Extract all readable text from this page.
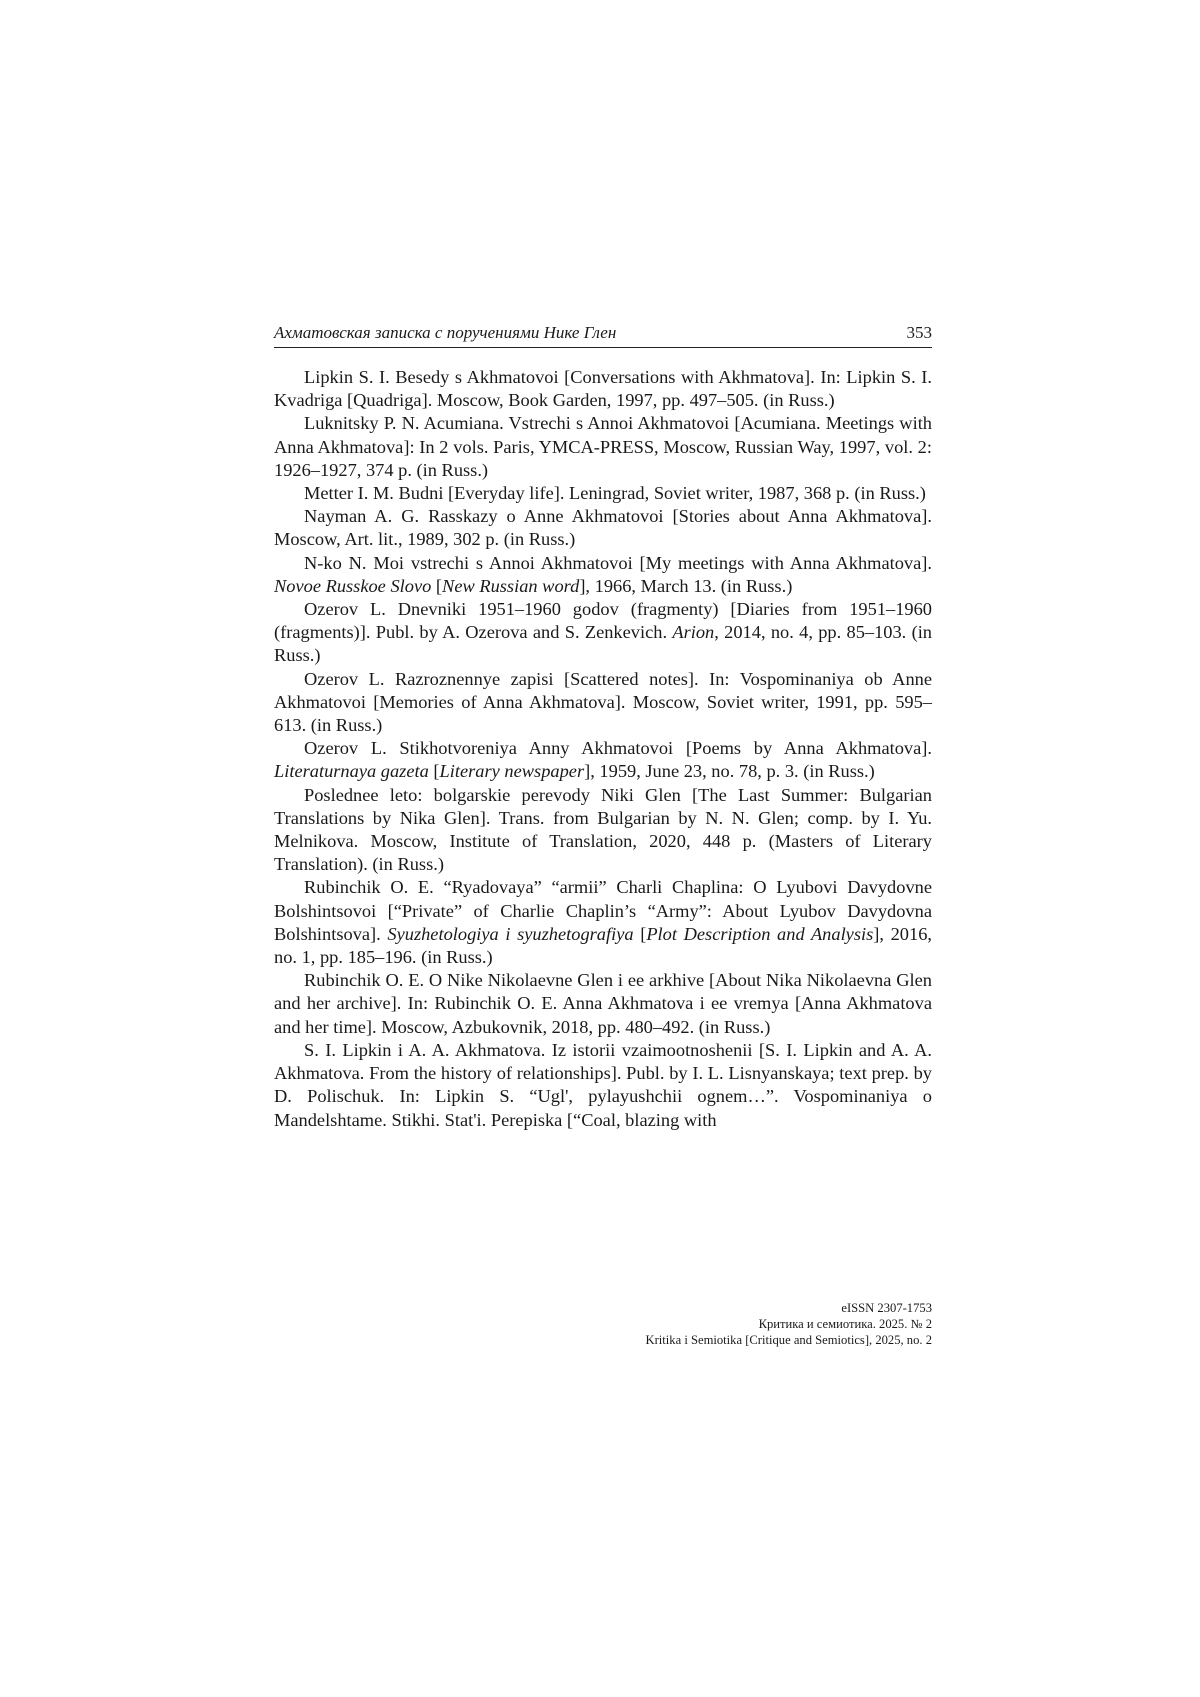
Ахматовская записка с поручениями Нике Глен	353

Lipkin S. I. Besedy s Akhmatovoi [Conversations with Akhmatova]. In: Lipkin S. I. Kvadriga [Quadriga]. Moscow, Book Garden, 1997, pp. 497–505. (in Russ.)

Luknitsky P. N. Acumiana. Vstrechi s Annoi Akhmatovoi [Acumiana. Meetings with Anna Akhmatova]: In 2 vols. Paris, YMCA-PRESS, Moscow, Russian Way, 1997, vol. 2: 1926–1927, 374 p. (in Russ.)

Metter I. M. Budni [Everyday life]. Leningrad, Soviet writer, 1987, 368 p. (in Russ.)

Nayman A. G. Rasskazy o Anne Akhmatovoi [Stories about Anna Akhmatova]. Moscow, Art. lit., 1989, 302 p. (in Russ.)

N-ko N. Moi vstrechi s Annoi Akhmatovoi [My meetings with Anna Akhmatova]. Novoe Russkoe Slovo [New Russian word], 1966, March 13. (in Russ.)

Ozerov L. Dnevniki 1951–1960 godov (fragmenty) [Diaries from 1951–1960 (fragments)]. Publ. by A. Ozerova and S. Zenkevich. Arion, 2014, no. 4, pp. 85–103. (in Russ.)

Ozerov L. Razroznennye zapisi [Scattered notes]. In: Vospominaniya ob Anne Akhmatovoi [Memories of Anna Akhmatova]. Moscow, Soviet writer, 1991, pp. 595–613. (in Russ.)

Ozerov L. Stikhotvoreniya Anny Akhmatovoi [Poems by Anna Akhmatova]. Literaturnaya gazeta [Literary newspaper], 1959, June 23, no. 78, p. 3. (in Russ.)

Poslednee leto: bolgarskie perevody Niki Glen [The Last Summer: Bulgarian Translations by Nika Glen]. Trans. from Bulgarian by N. N. Glen; comp. by I. Yu. Melnikova. Moscow, Institute of Translation, 2020, 448 p. (Masters of Literary Translation). (in Russ.)

Rubinchik O. E. “Ryadovaya” “armii” Charli Chaplina: O Lyubovi Davydovne Bolshintsovoi [“Private” of Charlie Chaplin’s “Army”: About Lyubov Davydovna Bolshintsova]. Syuzhetologiya i syuzhetografiya [Plot Description and Analysis], 2016, no. 1, pp. 185–196. (in Russ.)

Rubinchik O. E. O Nike Nikolaevne Glen i ee arkhive [About Nika Nikolaevna Glen and her archive]. In: Rubinchik O. E. Anna Akhmatova i ee vremya [Anna Akhmatova and her time]. Moscow, Azbukovnik, 2018, pp. 480–492. (in Russ.)

S. I. Lipkin i A. A. Akhmatova. Iz istorii vzaimootnoshenii [S. I. Lipkin and A. A. Akhmatova. From the history of relationships]. Publ. by I. L. Lisnyanskaya; text prep. by D. Polischuk. In: Lipkin S. “Ugl', pylayushchii ognem…”. Vospominaniya o Mandelshtame. Stikhi. Stat'i. Perepiska [“Coal, blazing with

eISSN 2307-1753
Критика и семиотика. 2025. № 2
Kritika i Semiotika [Critique and Semiotics], 2025, no. 2
